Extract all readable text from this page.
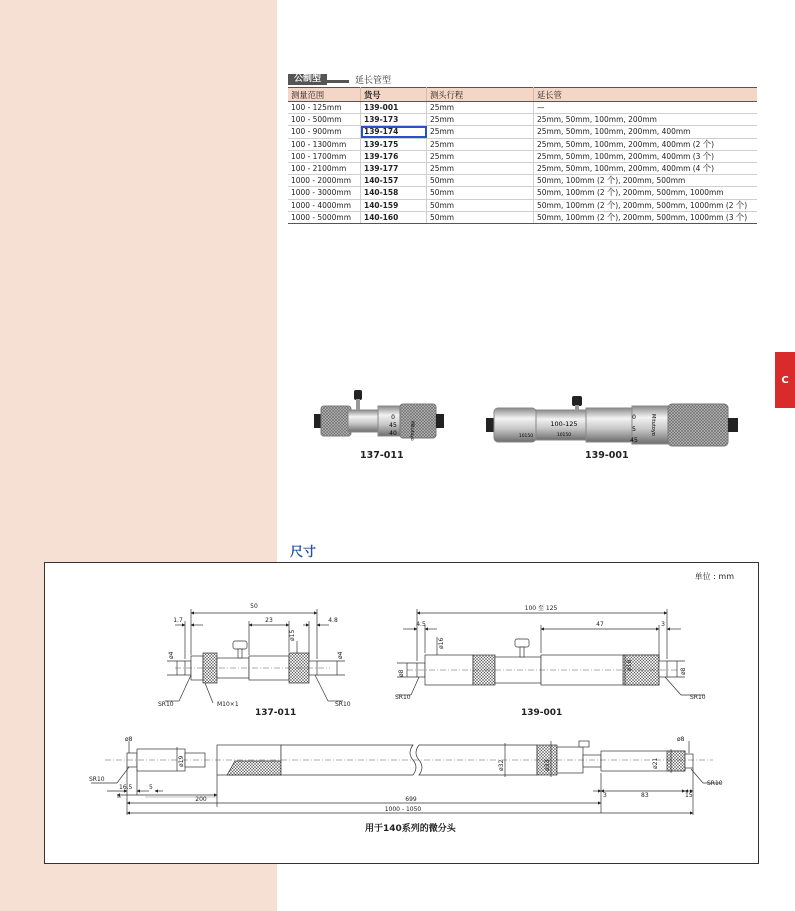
C
公制型	延长管型
测量范围	货号	测头行程	延长管
100 - 125mm	139-001	25mm	—
100 - 500mm	139-173	25mm	25mm, 50mm, 100mm, 200mm
100 - 900mm	139-174	25mm	25mm, 50mm, 100mm, 200mm, 400mm
100 - 1300mm	139-175	25mm	25mm, 50mm, 100mm, 200mm, 400mm (2 个)
100 - 1700mm	139-176	25mm	25mm, 50mm, 100mm, 200mm, 400mm (3 个)
100 - 2100mm	139-177	25mm	25mm, 50mm, 100mm, 200mm, 400mm (4 个)
1000 - 2000mm	140-157	50mm	50mm, 100mm (2 个), 200mm, 500mm
1000 - 3000mm	140-158	50mm	50mm, 100mm (2 个), 200mm, 500mm, 1000mm
1000 - 4000mm	140-159	50mm	50mm, 100mm (2 个), 200mm, 500mm, 1000mm (2 个)
1000 - 5000mm	140-160	50mm	50mm, 100mm (2 个), 200mm, 500mm, 1000mm (3 个)
0
45
40	Mitutoyo
137-011
100-125
10150
10150
0
5
45
Mitutoyo
139-001
尺寸
单位 : mm
50
1.7	23	4.8
ø4
ø15
ø4
SR10	M10×1	SR10
100 至 125
4.5	47	3
ø16
ø8
ø18
ø8
SR10	SR10
ø8
ø19	ø32	ø33
ø8
ø21
SR10
SR10
16.5	5
200	699
3	83	15
1000 - 1050
137-011	139-001
用于140系列的微分头
